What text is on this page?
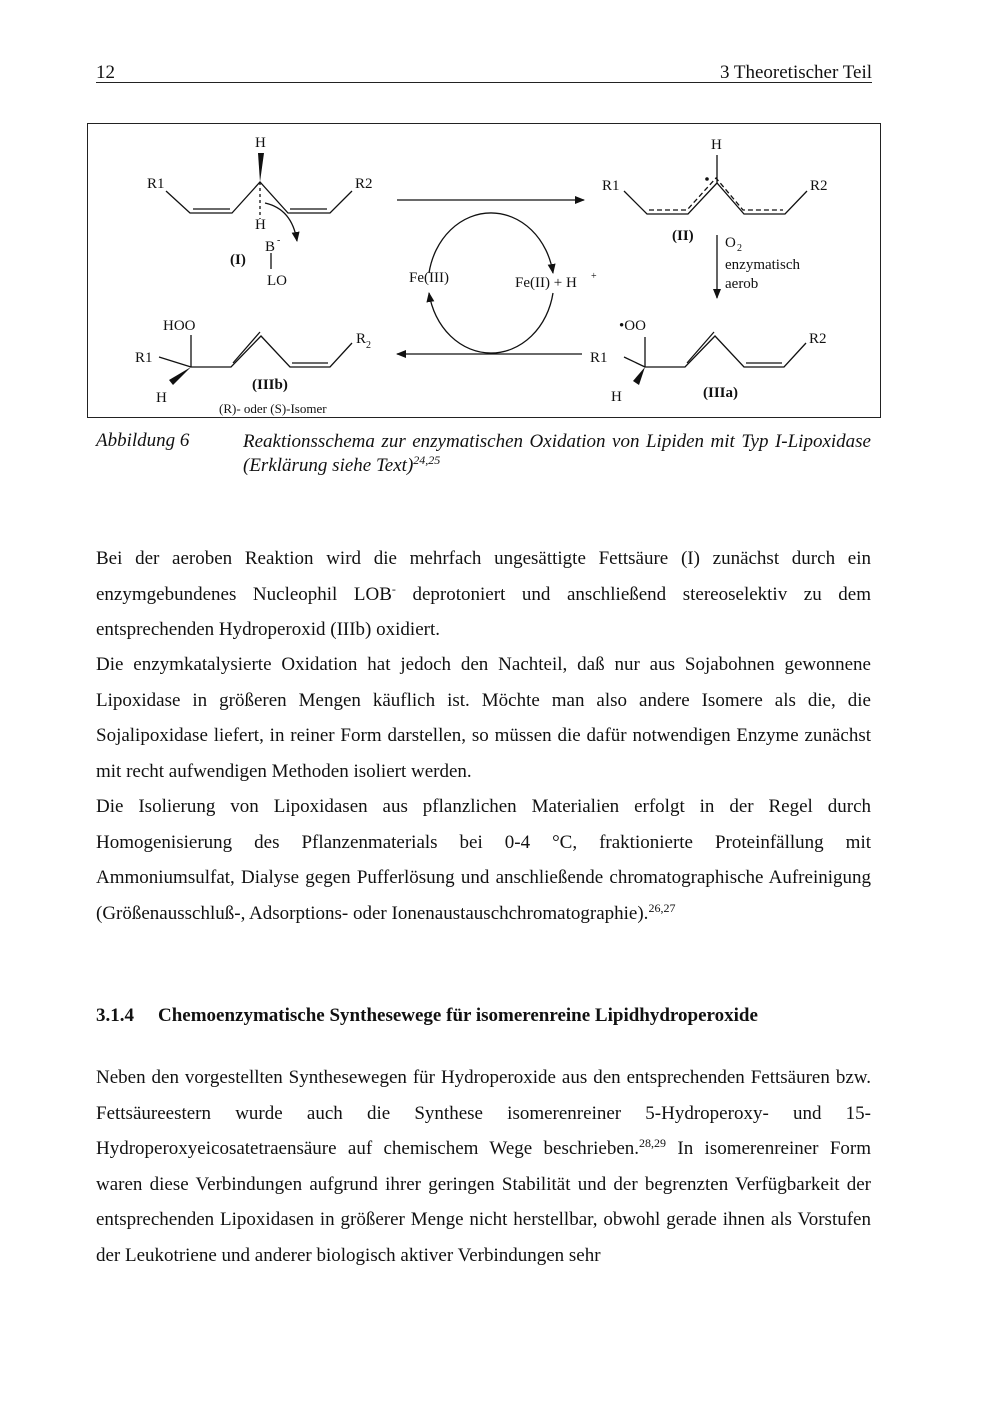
12	3 Theoretischer Teil
H
R1	R2
H
B -
(I)
LO	Fe(III)	Fe(II) + H +
H
R1	R2
(II) O 2
enzymatisch
aerob
•OO
R1
R2
H	(IIIa)
HOO
R1
R 2
H
(IIIb)
(R)- oder (S)-Isomer
Abbildung 6	Reaktionsschema zur enzymatischen Oxidation von Lipiden mit Typ I-Lipoxidase (Erklärung siehe Text)$^{24,25}$

Bei der aeroben Reaktion wird die mehrfach ungesättigte Fettsäure (I) zunächst durch ein enzymgebundenes Nucleophil LOB- deprotoniert und anschließend stereoselektiv zu dem entsprechenden Hydroperoxid (IIIb) oxidiert.

Die enzymkatalysierte Oxidation hat jedoch den Nachteil, daß nur aus Sojabohnen gewonnene Lipoxidase in größeren Mengen käuflich ist. Möchte man also andere Isomere als die, die Sojalipoxidase liefert, in reiner Form darstellen, so müssen die dafür notwendigen Enzyme zunächst mit recht aufwendigen Methoden isoliert werden.

Die Isolierung von Lipoxidasen aus pflanzlichen Materialien erfolgt in der Regel durch Homogenisierung des Pflanzenmaterials bei 0-4 °C, fraktionierte Proteinfällung mit Ammoniumsulfat, Dialyse gegen Pufferlösung und anschließende chromatographische Aufreinigung (Größenausschluß-, Adsorptions- oder Ionenaustauschchromatographie).$^{26,27}$

3.1.4 Chemoenzymatische Synthesewege für isomerenreine Lipidhydroperoxide

Neben den vorgestellten Synthesewegen für Hydroperoxide aus den entsprechenden Fettsäuren bzw. Fettsäureestern wurde auch die Synthese isomerenreiner 5-Hydroperoxy- und 15-Hydroperoxyeicosatetraensäure auf chemischem Wege beschrieben.$^{28,29}$ In isomerenreiner Form waren diese Verbindungen aufgrund ihrer geringen Stabilität und der begrenzten Verfügbarkeit der entsprechenden Lipoxidasen in größerer Menge nicht herstellbar, obwohl gerade ihnen als Vorstufen der Leukotriene und anderer biologisch aktiver Verbindungen sehr
